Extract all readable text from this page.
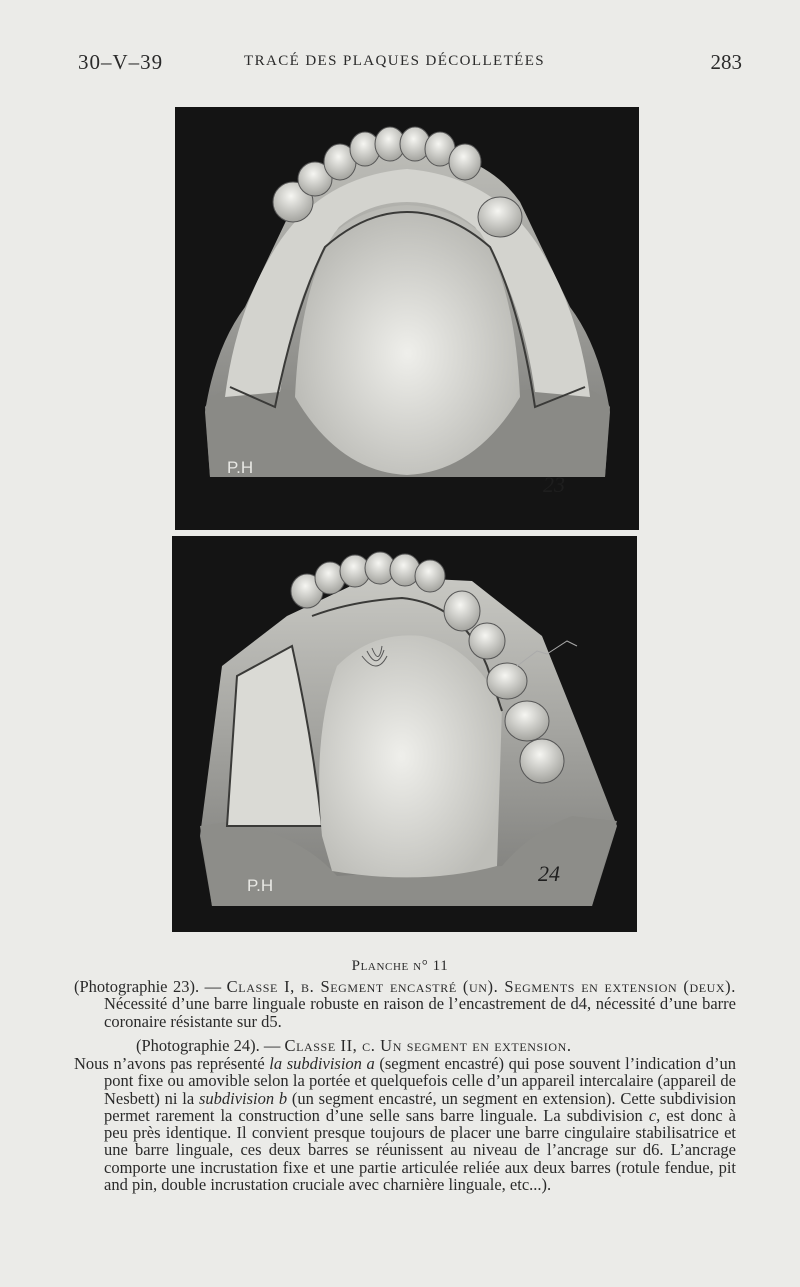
30–V–39	TRACÉ DES PLAQUES DÉCOLLETÉES	283
P.H
23
P.H	24
Planche n° 11
(Photographie 23). — Classe I, b. Segment encastré (un). Segments en extension (deux). Nécessité d’une barre linguale robuste en raison de l’encastrement de d4, nécessité d’une barre coronaire résistante sur d5.
(Photographie 24). — Classe II, c. Un segment en extension.
Nous n’avons pas représenté la subdivision a (segment encastré) qui pose souvent l’indication d’un pont fixe ou amovible selon la portée et quelquefois celle d’un appareil intercalaire (appareil de Nesbett) ni la subdivision b (un segment encastré, un segment en extension). Cette subdivision permet rarement la construction d’une selle sans barre linguale. La subdivision c, est donc à peu près identique. Il convient presque toujours de placer une barre cingulaire stabilisatrice et une barre linguale, ces deux barres se réunissent au niveau de l’ancrage sur d6. L’ancrage comporte une incrustation fixe et une partie articulée reliée aux deux barres (rotule fendue, pit and pin, double incrustation cruciale avec charnière linguale, etc...).
